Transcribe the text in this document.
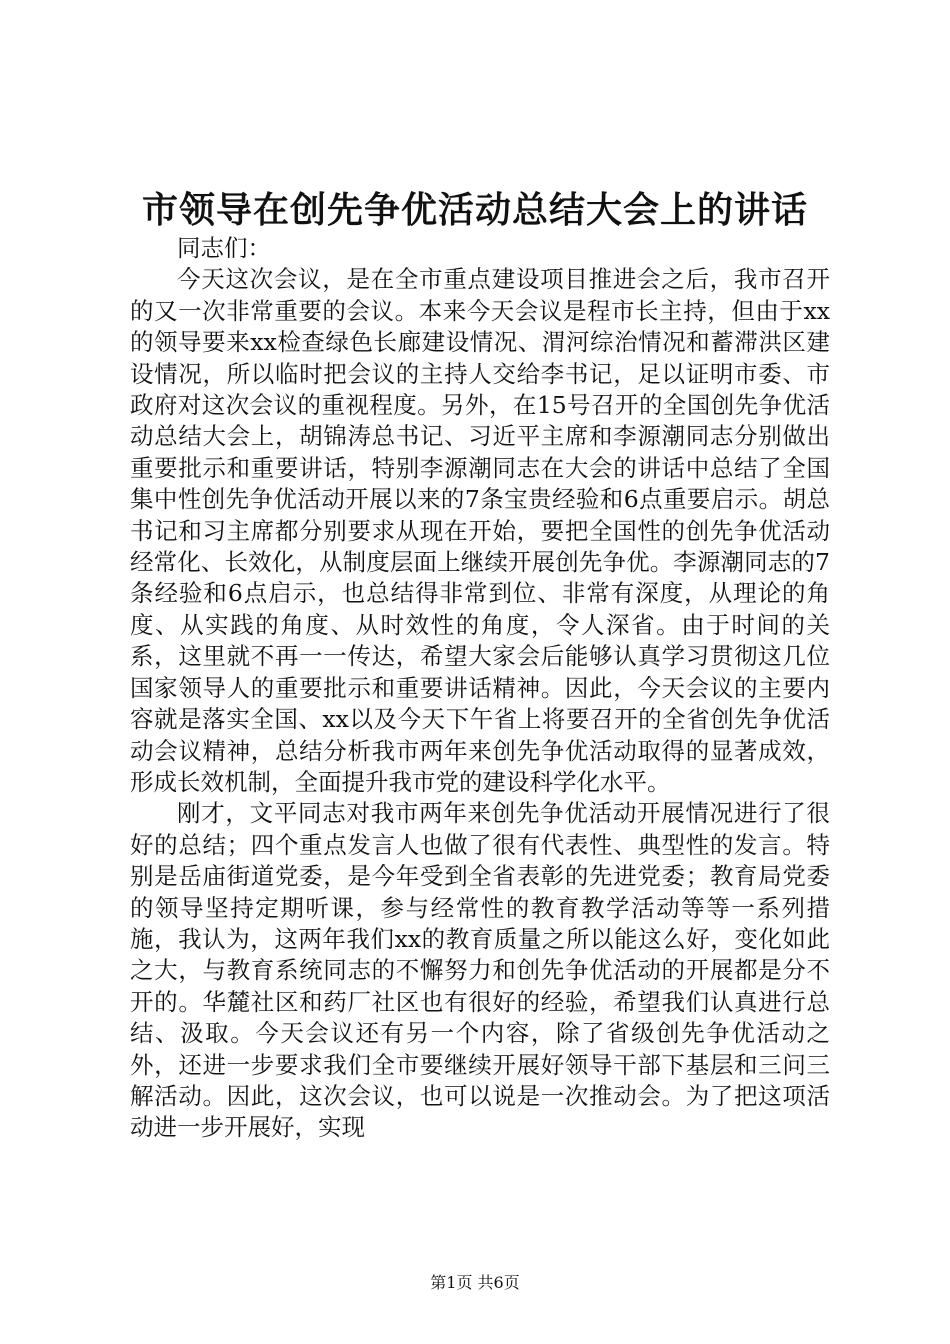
市领导在创先争优活动总结大会上的讲话

同志们：

今天这次会议，是在全市重点建设项目推进会之后，我市召开的又一次非常重要的会议。本来今天会议是程市长主持，但由于xx的领导要来xx检查绿色长廊建设情况、渭河综治情况和蓄滞洪区建设情况，所以临时把会议的主持人交给李书记，足以证明市委、市政府对这次会议的重视程度。另外，在15号召开的全国创先争优活动总结大会上，胡锦涛总书记、习近平主席和李源潮同志分别做出重要批示和重要讲话，特别李源潮同志在大会的讲话中总结了全国集中性创先争优活动开展以来的7条宝贵经验和6点重要启示。胡总书记和习主席都分别要求从现在开始，要把全国性的创先争优活动经常化、长效化，从制度层面上继续开展创先争优。李源潮同志的7条经验和6点启示，也总结得非常到位、非常有深度，从理论的角度、从实践的角度、从时效性的角度，令人深省。由于时间的关系，这里就不再一一传达，希望大家会后能够认真学习贯彻这几位国家领导人的重要批示和重要讲话精神。因此，今天会议的主要内容就是落实全国、xx以及今天下午省上将要召开的全省创先争优活动会议精神，总结分析我市两年来创先争优活动取得的显著成效，形成长效机制，全面提升我市党的建设科学化水平。

刚才，文平同志对我市两年来创先争优活动开展情况进行了很好的总结；四个重点发言人也做了很有代表性、典型性的发言。特别是岳庙街道党委，是今年受到全省表彰的先进党委；教育局党委的领导坚持定期听课，参与经常性的教育教学活动等等一系列措施，我认为，这两年我们xx的教育质量之所以能这么好，变化如此之大，与教育系统同志的不懈努力和创先争优活动的开展都是分不开的。华麓社区和药厂社区也有很好的经验，希望我们认真进行总结、汲取。今天会议还有另一个内容，除了省级创先争优活动之外，还进一步要求我们全市要继续开展好领导干部下基层和三问三解活动。因此，这次会议，也可以说是一次推动会。为了把这项活动进一步开展好，实现

第1页 共6页
